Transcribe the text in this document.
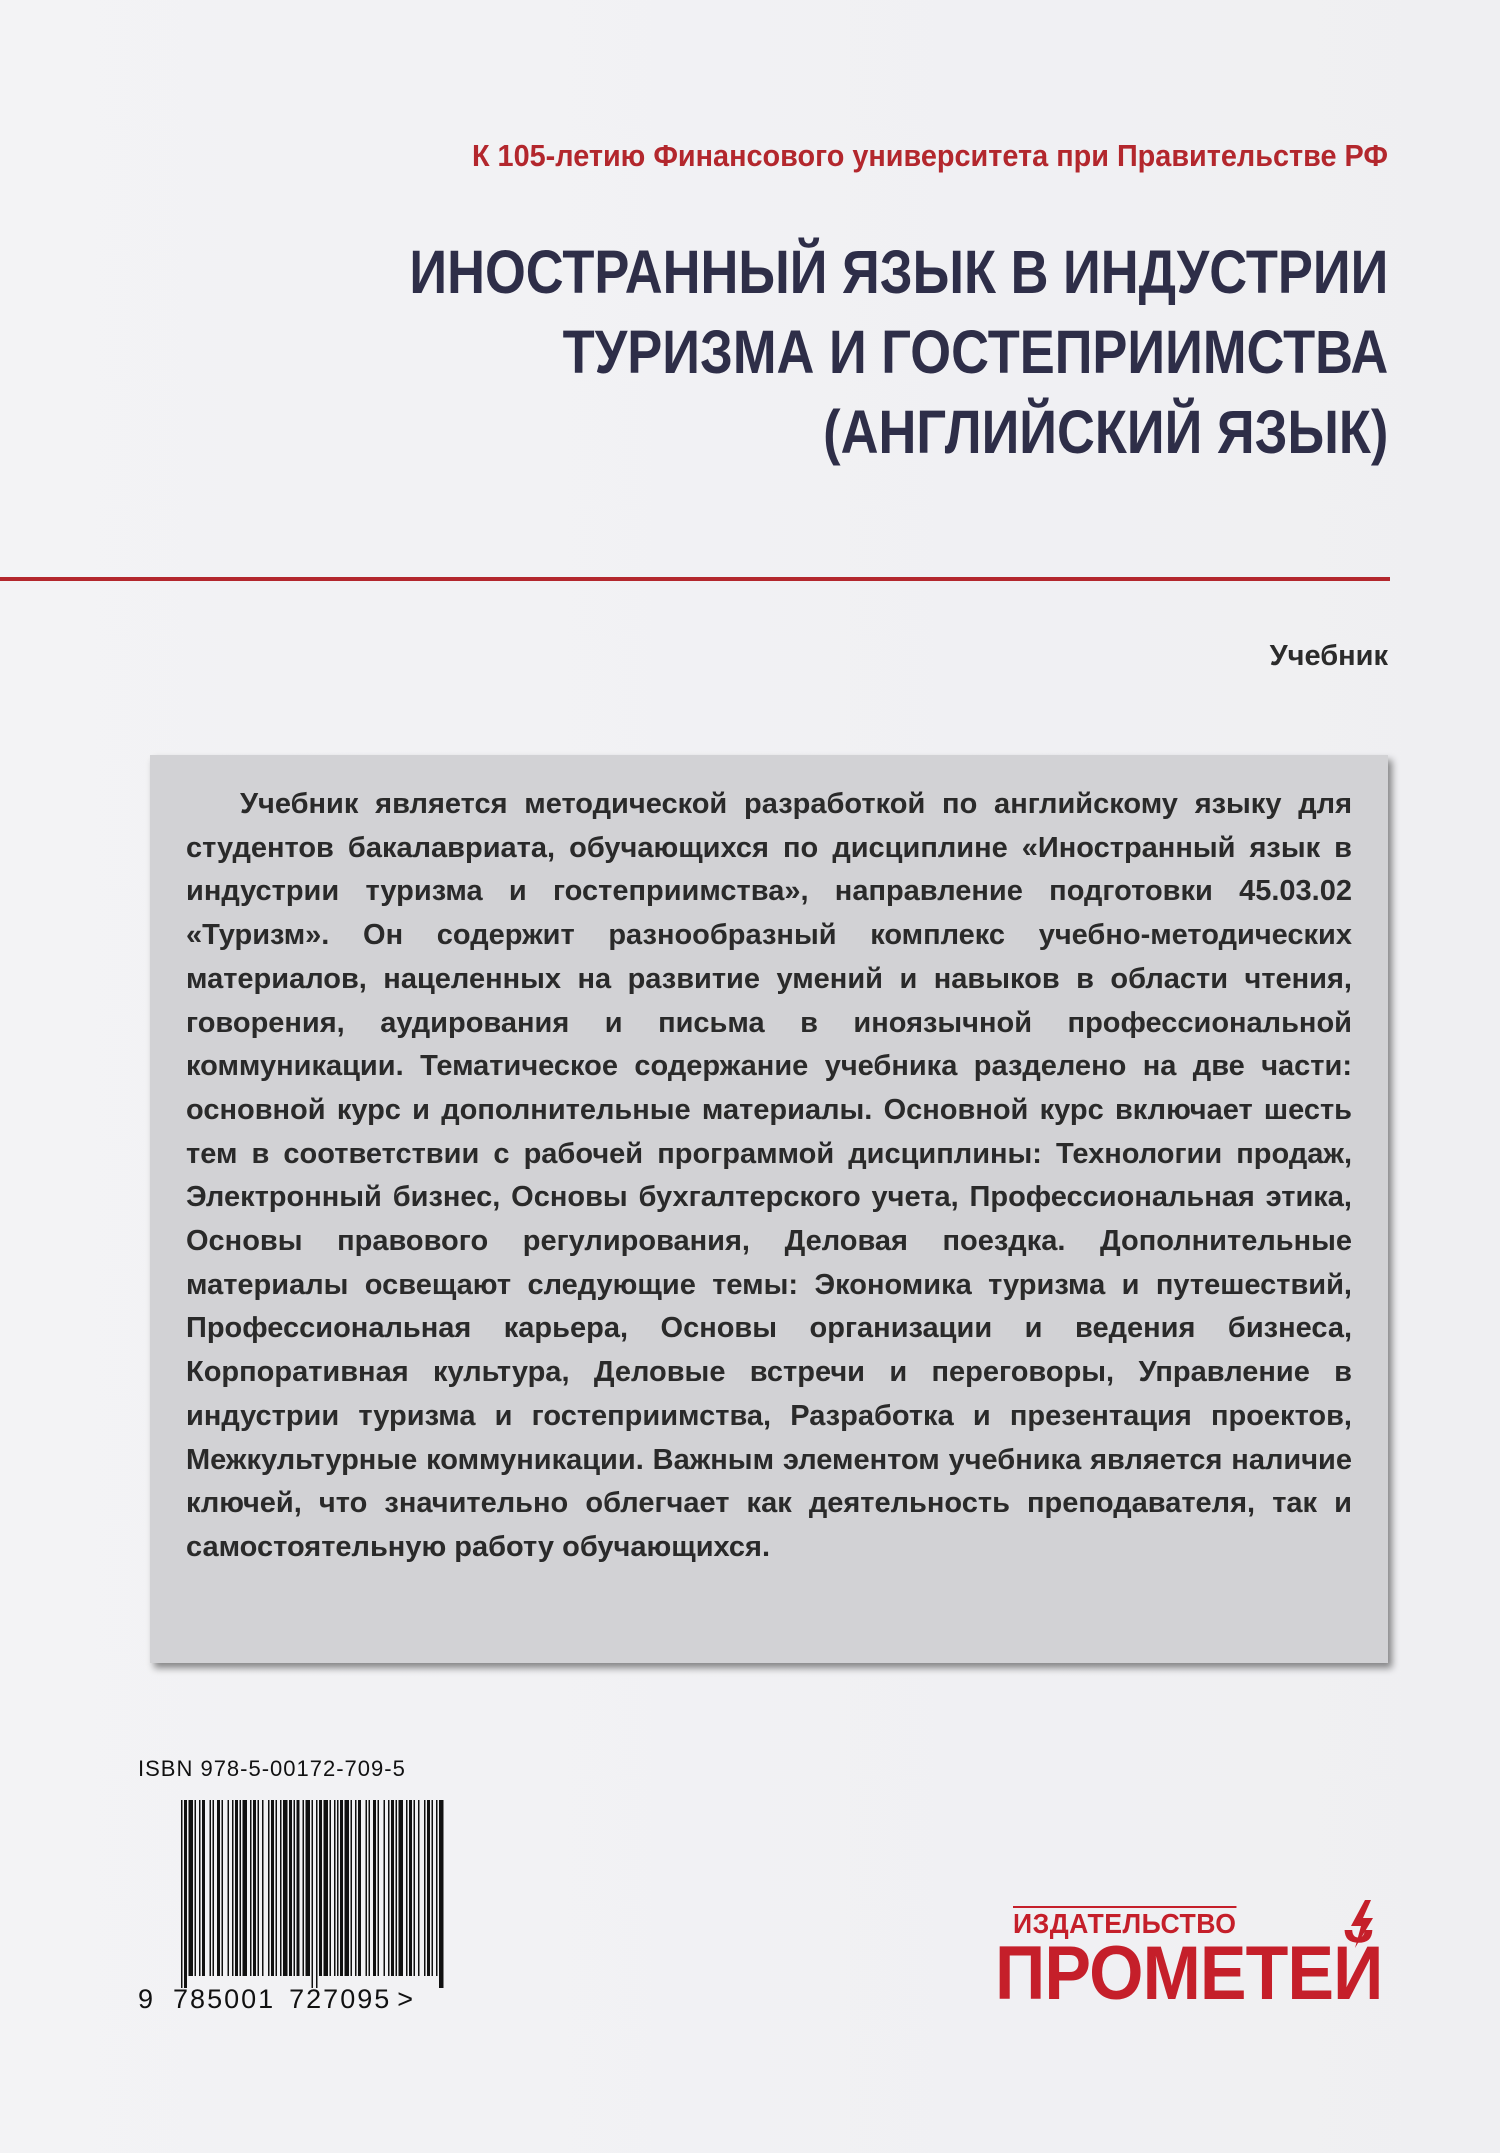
К 105-летию Финансового университета при Правительстве РФ
ИНОСТРАННЫЙ ЯЗЫК В ИНДУСТРИИ
ТУРИЗМА И ГОСТЕПРИИМСТВА
(АНГЛИЙСКИЙ ЯЗЫК)
Учебник
Учебник является методической разработкой по английскому языку для студентов бакалавриата, обучающихся по дисциплине «Иностранный язык в индустрии туризма и гостеприимства», направление подготовки 45.03.02 «Туризм». Он содержит разнообразный комплекс учебно-методических материалов, нацеленных на развитие умений и навыков в области чтения, говорения, аудирования и письма в иноязычной профессиональной коммуникации. Тематическое содержание учебника разделено на две части: основной курс и дополнительные материалы. Основной курс включает шесть тем в соответствии с рабочей программой дисциплины: Технологии продаж, Электронный бизнес, Основы бухгалтерского учета, Профессиональная этика, Основы правового регулирования, Деловая поездка. Дополнительные материалы освещают следующие темы: Экономика туризма и путешествий, Профессиональная карьера, Основы организации и ведения бизнеса, Корпоративная культура, Деловые встречи и переговоры, Управление в индустрии туризма и гостеприимства, Разработка и презентация проектов, Межкультурные коммуникации. Важным элементом учебника является наличие ключей, что значительно облегчает как деятельность преподавателя, так и самостоятельную работу обучающихся.
ISBN 978-5-00172-709-5
9 785001 727095 >
ИЗДАТЕЛЬСТВО
ПРОМЕТЕЙ
